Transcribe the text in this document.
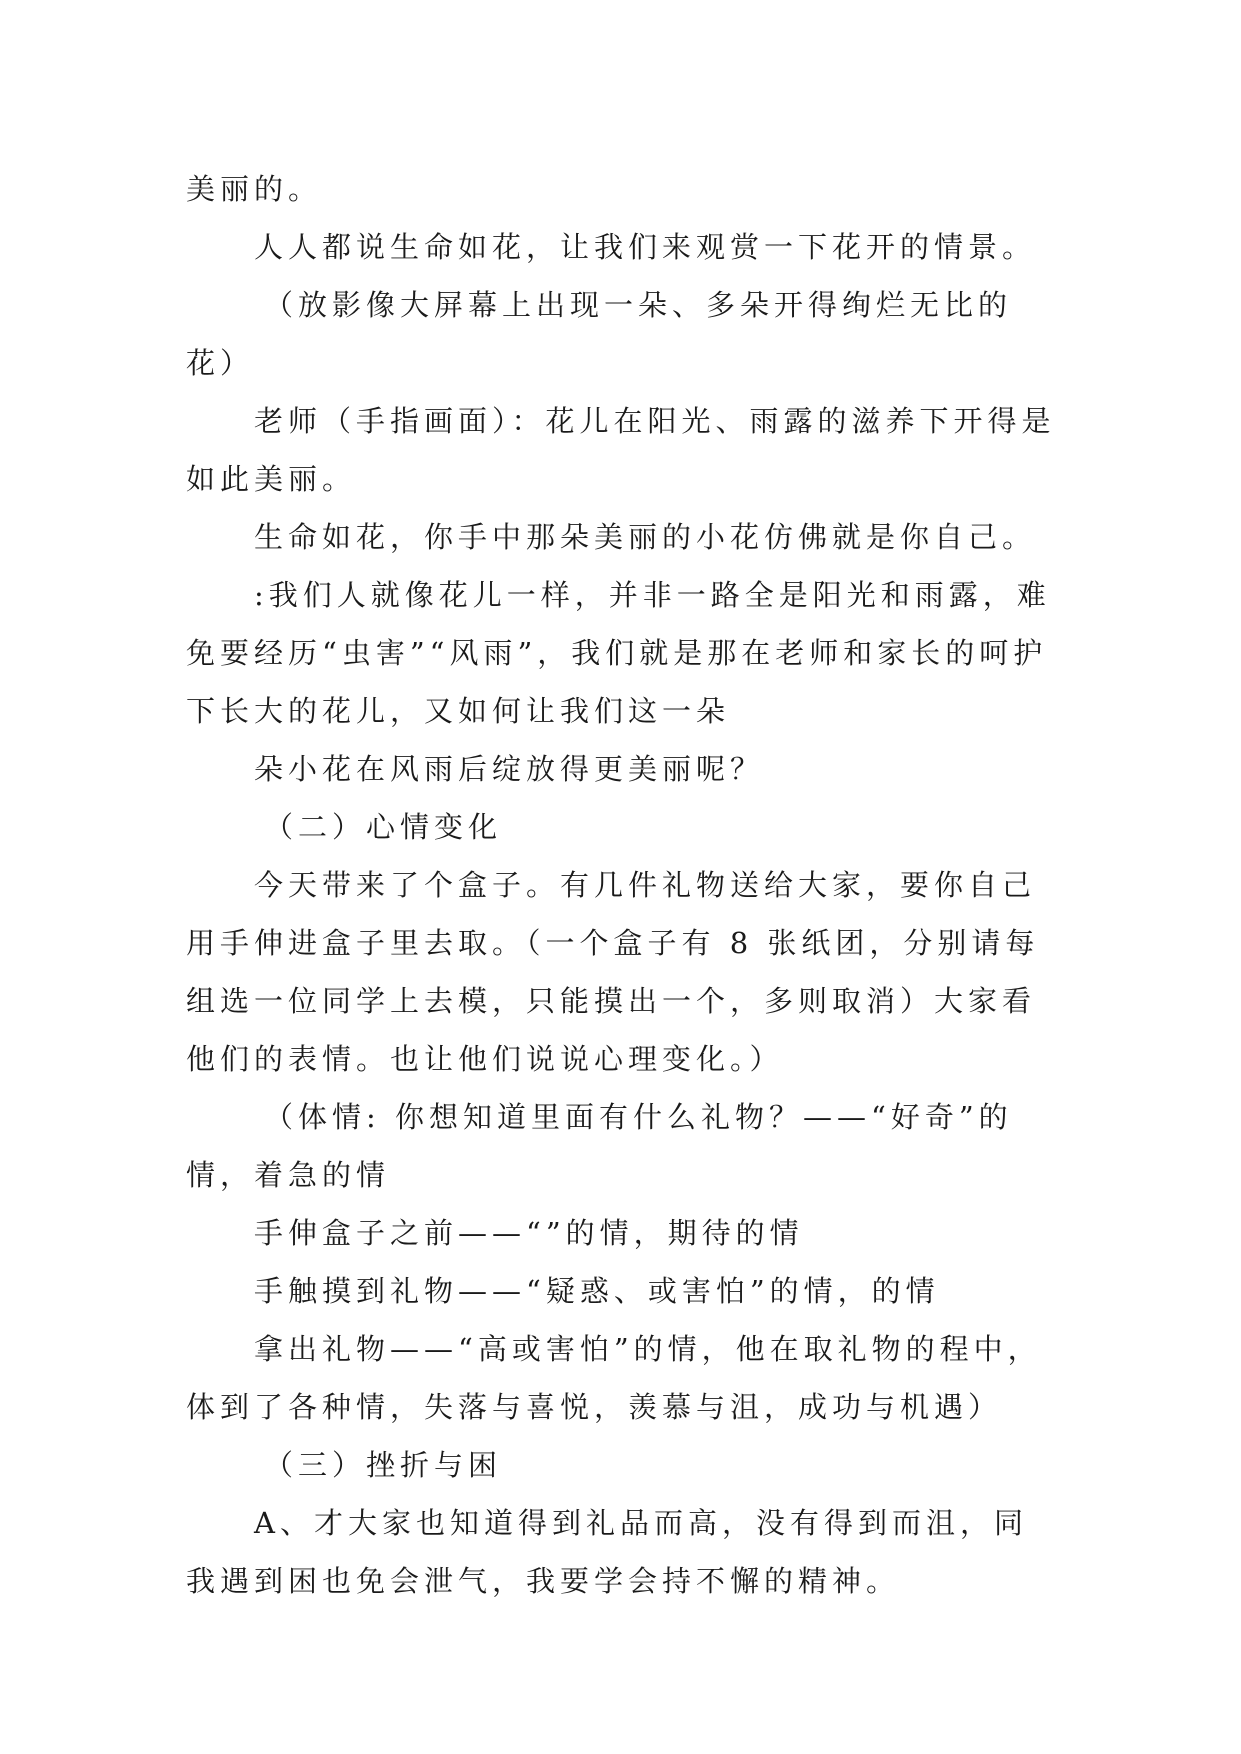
美丽的。

人人都说生命如花，让我们来观赏一下花开的情景。

（放影像大屏幕上出现一朵、多朵开得绚烂无比的花）

老师（手指画面）：花儿在阳光、雨露的滋养下开得是如此美丽。

生命如花，你手中那朵美丽的小花仿佛就是你自己。

:我们人就像花儿一样，并非一路全是阳光和雨露，难免要经历“虫害”“风雨”，我们就是那在老师和家长的呵护下长大的花儿，又如何让我们这一朵

朵小花在风雨后绽放得更美丽呢？

（二）心情变化

今天带来了个盒子。有几件礼物送给大家，要你自己用手伸进盒子里去取。（一个盒子有 8 张纸团，分别请每组选一位同学上去模，只能摸出一个，多则取消）大家看他们的表情。也让他们说说心理变化。）

（体情: 你想知道里面有什么礼物？——“好奇”的情，着急的情

手伸盒子之前——“”的情，期待的情

手触摸到礼物——“疑惑、或害怕”的情，的情

拿出礼物——“高或害怕”的情，他在取礼物的程中，体到了各种情，失落与喜悦，羡慕与沮，成功与机遇）

（三）挫折与困

A、才大家也知道得到礼品而高，没有得到而沮，同我遇到困也免会泄气，我要学会持不懈的精神。
